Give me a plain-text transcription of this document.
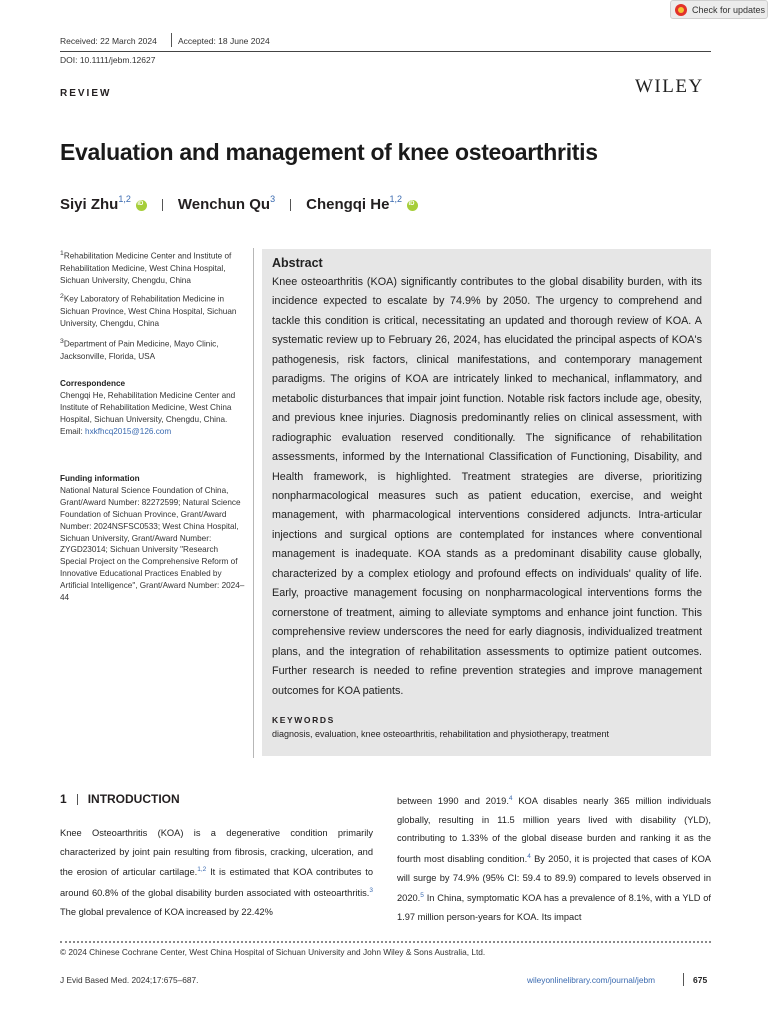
Check for updates
Received: 22 March 2024 Accepted: 18 June 2024
DOI: 10.1111/jebm.12627
WILEY
REVIEW
Evaluation and management of knee osteoarthritis
Siyi Zhu$^{1,2}$
iD	Wenchun Qu$^3$ Chengqi He$^{1,2}$
iD
$^1$Rehabilitation Medicine Center and Institute of Rehabilitation Medicine, West China Hospital, Sichuan University, Chengdu, China
$^2$Key Laboratory of Rehabilitation Medicine in Sichuan Province, West China Hospital, Sichuan University, Chengdu, China
$^3$Department of Pain Medicine, Mayo Clinic, Jacksonville, Florida, USA
Correspondence
Chengqi He, Rehabilitation Medicine Center and Institute of Rehabilitation Medicine, West China Hospital, Sichuan University, Chengdu, China.
Email: hxkfhcq2015@126.com
Funding information
National Natural Science Foundation of China, Grant/Award Number: 82272599; Natural Science Foundation of Sichuan Province, Grant/Award Number: 2024NSFSC0533; West China Hospital, Sichuan University, Grant/Award Number: ZYGD23014; Sichuan University "Research Special Project on the Comprehensive Reform of Innovative Educational Practices Enabled by Artificial Intelligence", Grant/Award Number: 2024–44
Abstract
Knee osteoarthritis (KOA) significantly contributes to the global disability burden, with its incidence expected to escalate by 74.9% by 2050. The urgency to comprehend and tackle this condition is critical, necessitating an updated and thorough review of KOA. A systematic review up to February 26, 2024, has elucidated the principal aspects of KOA's pathogenesis, risk factors, clinical manifestations, and contemporary management paradigms. The origins of KOA are intricately linked to mechanical, inflammatory, and metabolic disturbances that impair joint function. Notable risk factors include age, obesity, and previous knee injuries. Diagnosis predominantly relies on clinical assessment, with radiographic evaluation reserved conditionally. The significance of rehabilitation assessments, informed by the International Classification of Functioning, Disability, and Health framework, is highlighted. Treatment strategies are diverse, prioritizing nonpharmacological measures such as patient education, exercise, and weight management, with pharmacological interventions considered adjuncts. Intra-articular injections and surgical options are contemplated for instances where conventional management is inadequate. KOA stands as a predominant disability cause globally, characterized by a complex etiology and profound effects on individuals' quality of life. Early, proactive management focusing on nonpharmacological interventions forms the cornerstone of treatment, aiming to alleviate symptoms and enhance joint function. This comprehensive review underscores the need for early diagnosis, individualized treatment plans, and the integration of rehabilitation assessments to optimize patient outcomes. Further research is needed to refine prevention strategies and improve management outcomes for KOA patients.
KEYWORDS
diagnosis, evaluation, knee osteoarthritis, rehabilitation and physiotherapy, treatment
1 INTRODUCTION
Knee Osteoarthritis (KOA) is a degenerative condition primarily characterized by joint pain resulting from fibrosis, cracking, ulceration, and the erosion of articular cartilage.$^{1,2}$ It is estimated that KOA contributes to around 60.8% of the global disability burden associated with osteoarthritis.$^3$ The global prevalence of KOA increased by 22.42%
between 1990 and 2019.$^4$ KOA disables nearly 365 million individuals globally, resulting in 11.5 million years lived with disability (YLD), contributing to 1.33% of the global disease burden and ranking it as the fourth most disabling condition.$^4$ By 2050, it is projected that cases of KOA will surge by 74.9% (95% CI: 59.4 to 89.9) compared to levels observed in 2020.$^5$ In China, symptomatic KOA has a prevalence of 8.1%, with a YLD of 1.97 million person-years for KOA. Its impact
© 2024 Chinese Cochrane Center, West China Hospital of Sichuan University and John Wiley & Sons Australia, Ltd.
J Evid Based Med. 2024;17:675–687.	wileyonlinelibrary.com/journal/jebm	675
